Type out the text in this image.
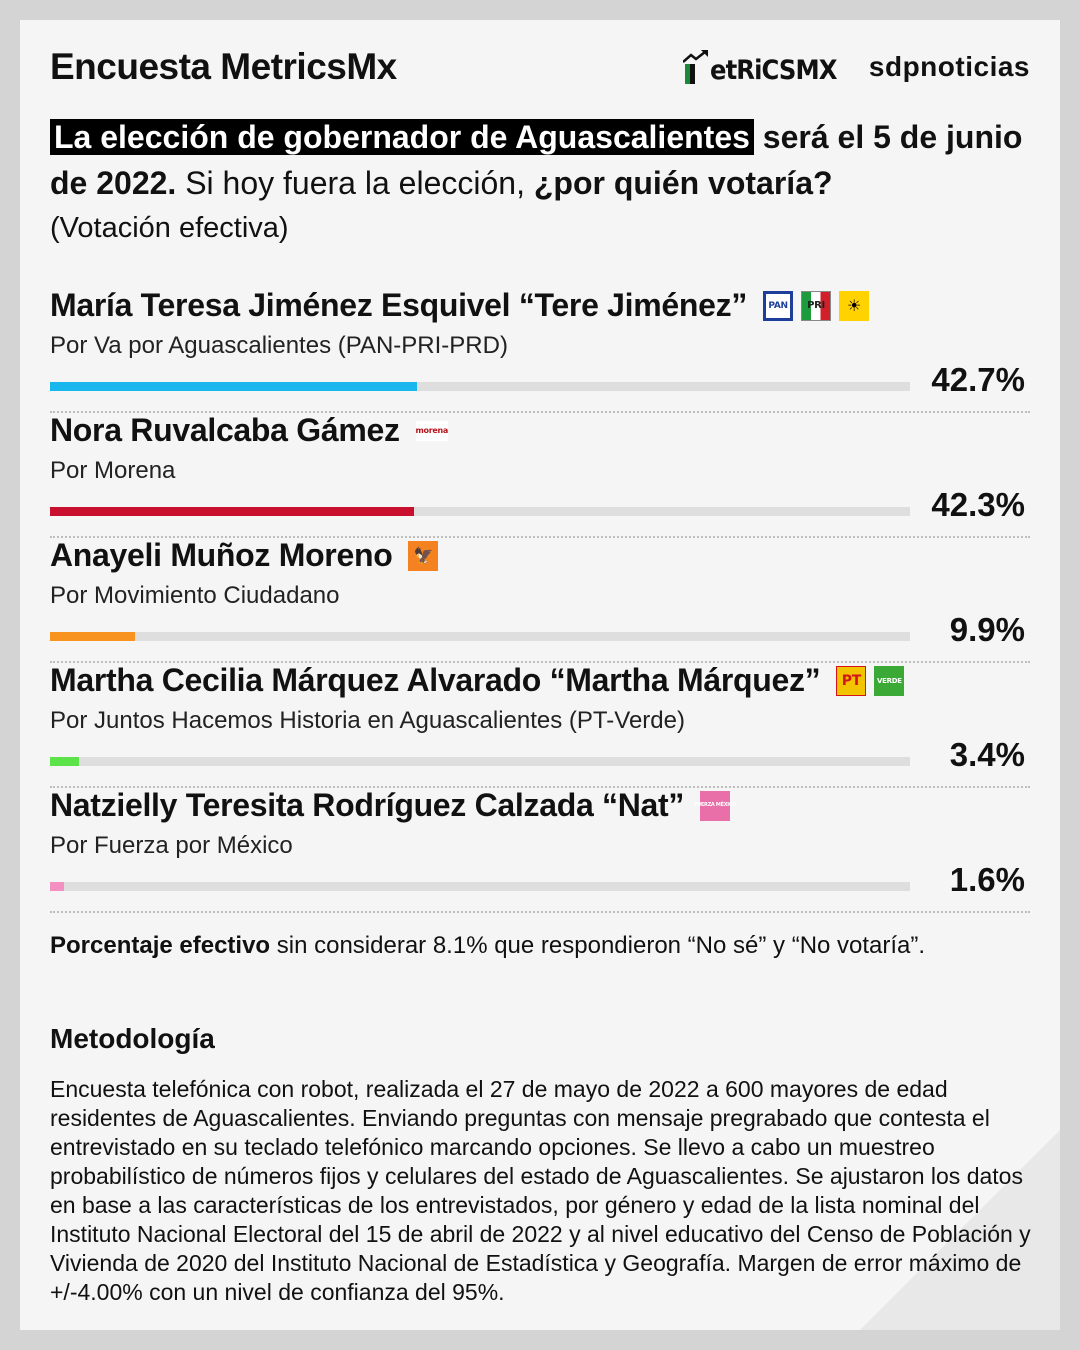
Encuesta MetricsMx	etRiCSMX sdpnoticias
La elección de gobernador de Aguascalientes será el 5 de junio de 2022. Si hoy fuera la elección, ¿por quién votaría?
(Votación efectiva)
María Teresa Jiménez Esquivel “Tere Jiménez”	PAN	PRI	☀
Por Va por Aguascalientes (PAN-PRI-PRD)
42.7%
Nora Ruvalcaba Gámez morena
Por Morena
42.3%
Anayeli Muñoz Moreno	🦅
Por Movimiento Ciudadano
9.9%
Martha Cecilia Márquez Alvarado “Martha Márquez”	PT	VERDE
Por Juntos Hacemos Historia en Aguascalientes (PT-Verde)
3.4%
Natzielly Teresita Rodríguez Calzada “Nat” FUERZA MÉXICO
Por Fuerza por México
1.6%
Porcentaje efectivo sin considerar 8.1% que respondieron “No sé” y “No votaría”.
Metodología
Encuesta telefónica con robot, realizada el 27 de mayo de 2022 a 600 mayores de edad residentes de Aguascalientes. Enviando preguntas con mensaje pregrabado que contesta el entrevistado en su teclado telefónico marcando opciones. Se llevo a cabo un muestreo probabilístico de números fijos y celulares del estado de Aguascalientes. Se ajustaron los datos en base a las características de los entrevistados, por género y edad de la lista nominal del Instituto Nacional Electoral del 15 de abril de 2022 y al nivel educativo del Censo de Población y Vivienda de 2020 del Instituto Nacional de Estadística y Geografía. Margen de error máximo de +/-4.00% con un nivel de confianza del 95%.
